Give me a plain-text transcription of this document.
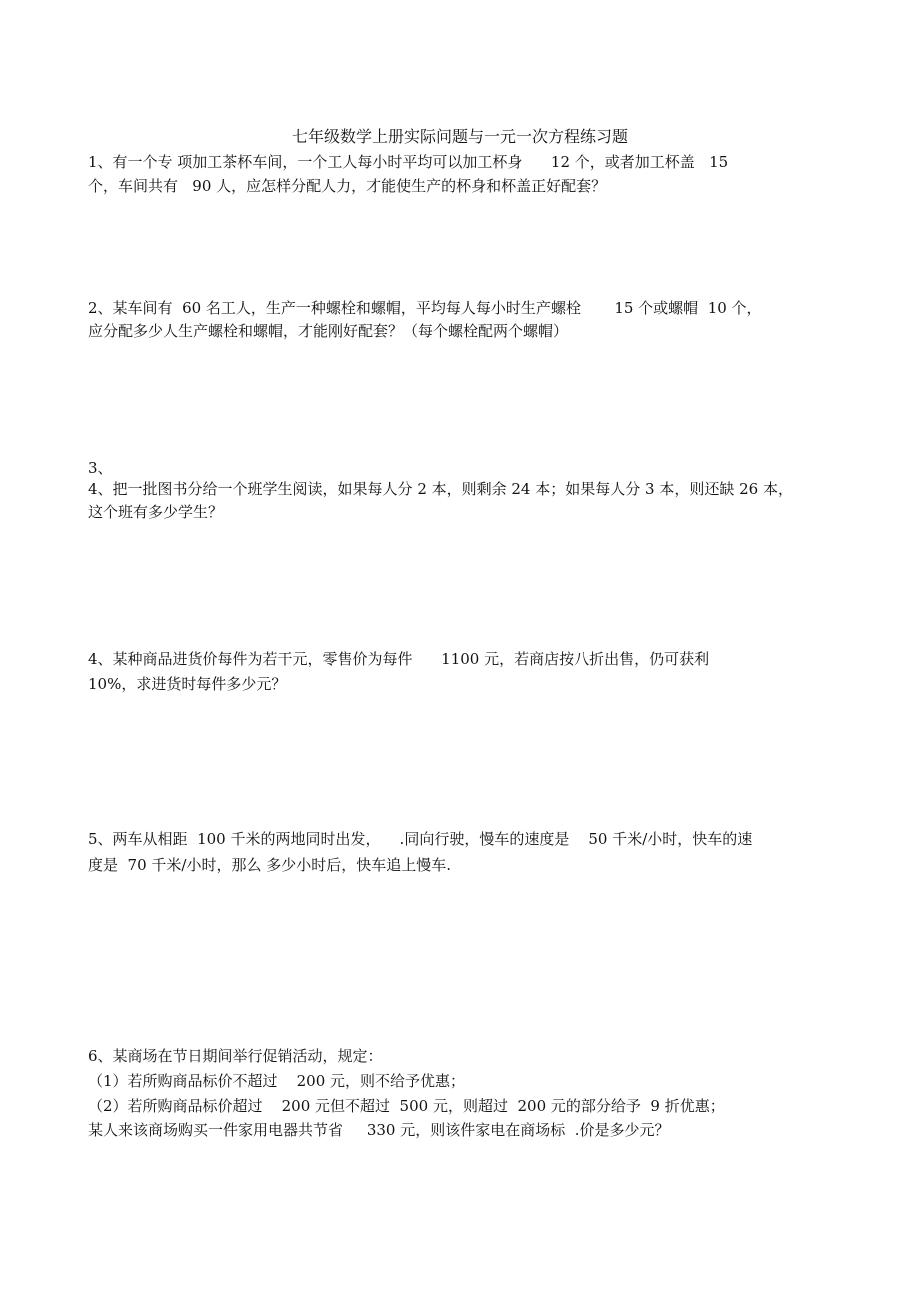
七年级数学上册实际问题与一元一次方程练习题
1、有一个专 项加工茶杯车间，一个工人每小时平均可以加工杯身      12 个，或者加工杯盖   15
个，车间共有   90 人，应怎样分配人力，才能使生产的杯身和杯盖正好配套？
2、某车间有  60 名工人，生产一种螺栓和螺帽，平均每人每小时生产螺栓       15 个或螺帽  10 个，
应分配多少人生产螺栓和螺帽，才能刚好配套？（每个螺栓配两个螺帽）
3、
4、把一批图书分给一个班学生阅读，如果每人分 2 本，则剩余 24 本；如果每人分 3 本，则还缺 26 本，
这个班有多少学生？
4、某种商品进货价每件为若干元，零售价为每件      1100 元，若商店按八折出售，仍可获利
10%，求进货时每件多少元？
5、两车从相距  100 千米的两地同时出发，    .同向行驶，慢车的速度是    50 千米/小时，快车的速
度是  70 千米/小时，那么 多少小时后，快车追上慢车.
6、某商场在节日期间举行促销活动，规定：
（1）若所购商品标价不超过    200 元，则不给予优惠；
（2）若所购商品标价超过    200 元但不超过  500 元，则超过  200 元的部分给予  9 折优惠；
某人来该商场购买一件家用电器共节省     330 元，则该件家电在商场标  .价是多少元？
